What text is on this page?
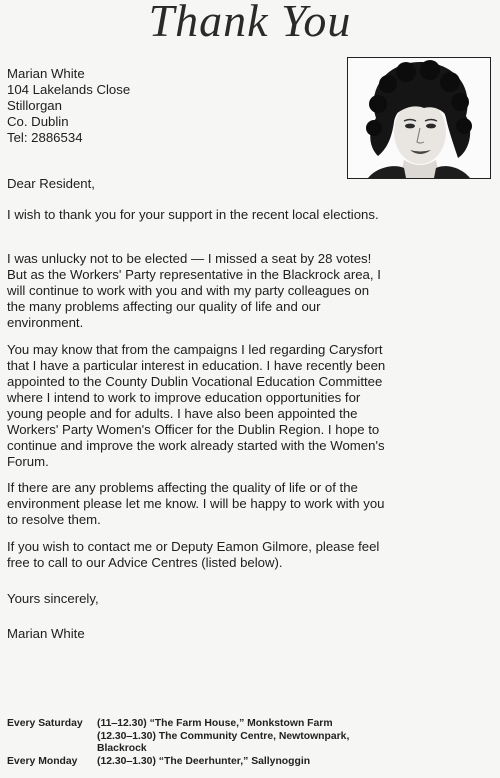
Thank You
Marian White
104 Lakelands Close
Stillorgan
Co. Dublin
Tel: 2886534
Dear Resident,
I wish to thank you for your support in the recent local elections.
I was unlucky not to be elected — I missed a seat by 28 votes!
But as the Workers' Party representative in the Blackrock area, I
will continue to work with you and with my party colleagues on
the many problems affecting our quality of life and our
environment.
You may know that from the campaigns I led regarding Carysfort
that I have a particular interest in education. I have recently been
appointed to the County Dublin Vocational Education Committee
where I intend to work to improve education opportunities for
young people and for adults. I have also been appointed the
Workers' Party Women's Officer for the Dublin Region. I hope to
continue and improve the work already started with the Women's
Forum.
If there are any problems affecting the quality of life or of the
environment please let me know. I will be happy to work with you
to resolve them.
If you wish to contact me or Deputy Eamon Gilmore, please feel
free to call to our Advice Centres (listed below).
Yours sincerely,
Marian White
Every Saturday	(11‒12.30) “The Farm House,” Monkstown Farm
(12.30‒1.30) The Community Centre, Newtownpark,
Blackrock
Every Monday	(12.30‒1.30) “The Deerhunter,” Sallynoggin
